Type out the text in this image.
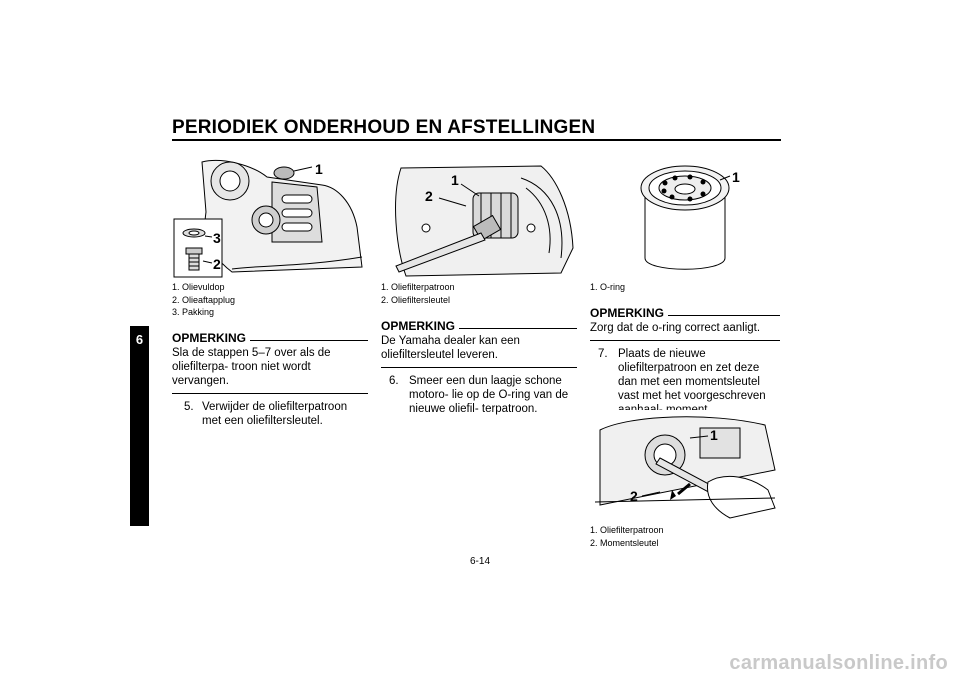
PERIODIEK ONDERHOUD EN AFSTELLINGEN
6
1
3
2
1. Olievuldop
2. Olieaftapplug
3. Pakking
OPMERKING
Sla de stappen 5–7 over als de oliefilterpa- troon niet wordt vervangen.
5. Verwijder de oliefilterpatroon met een oliefiltersleutel.
2
1
1. Oliefilterpatroon
2. Oliefiltersleutel
OPMERKING
De Yamaha dealer kan een oliefiltersleutel leveren.
6. Smeer een dun laagje schone motoro- lie op de O-ring van de nieuwe oliefil- terpatroon.
1
1. O-ring
OPMERKING
Zorg dat de o-ring correct aanligt.
7. Plaats de nieuwe oliefilterpatroon en zet deze dan met een momentsleutel vast met het voorgeschreven
1
2
1. Oliefilterpatroon
2. Momentsleutel
6-14
carmanualsonline.info
